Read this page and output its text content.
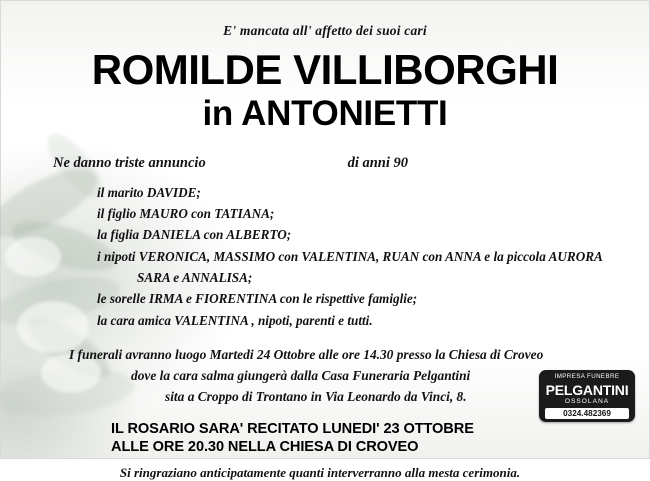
E' mancata all' affetto dei suoi cari
ROMILDE VILLIBORGHI
in ANTONIETTI
Ne danno triste annuncio	di anni 90
il marito DAVIDE;
il figlio MAURO con TATIANA;
la figlia DANIELA con ALBERTO;
i nipoti VERONICA, MASSIMO con VALENTINA, RUAN con ANNA e la piccola AURORA
SARA e ANNALISA;
le sorelle IRMA e FIORENTINA con le rispettive famiglie;
la cara amica VALENTINA , nipoti, parenti e tutti.
I funerali avranno luogo Martedi 24 Ottobre alle ore 14.30 presso la Chiesa di Croveo
dove la cara salma giungerà dalla Casa Funeraria Pelgantini
sita a Croppo di Trontano in Via Leonardo da Vinci, 8.
IL ROSARIO SARA' RECITATO LUNEDI' 23 OTTOBRE
ALLE ORE 20.30 NELLA CHIESA DI CROVEO
Si ringraziano anticipatamente quanti interverranno alla mesta cerimonia.
IMPRESA FUNEBRE
PELGANTINI
OSSOLANA
0324.482369
